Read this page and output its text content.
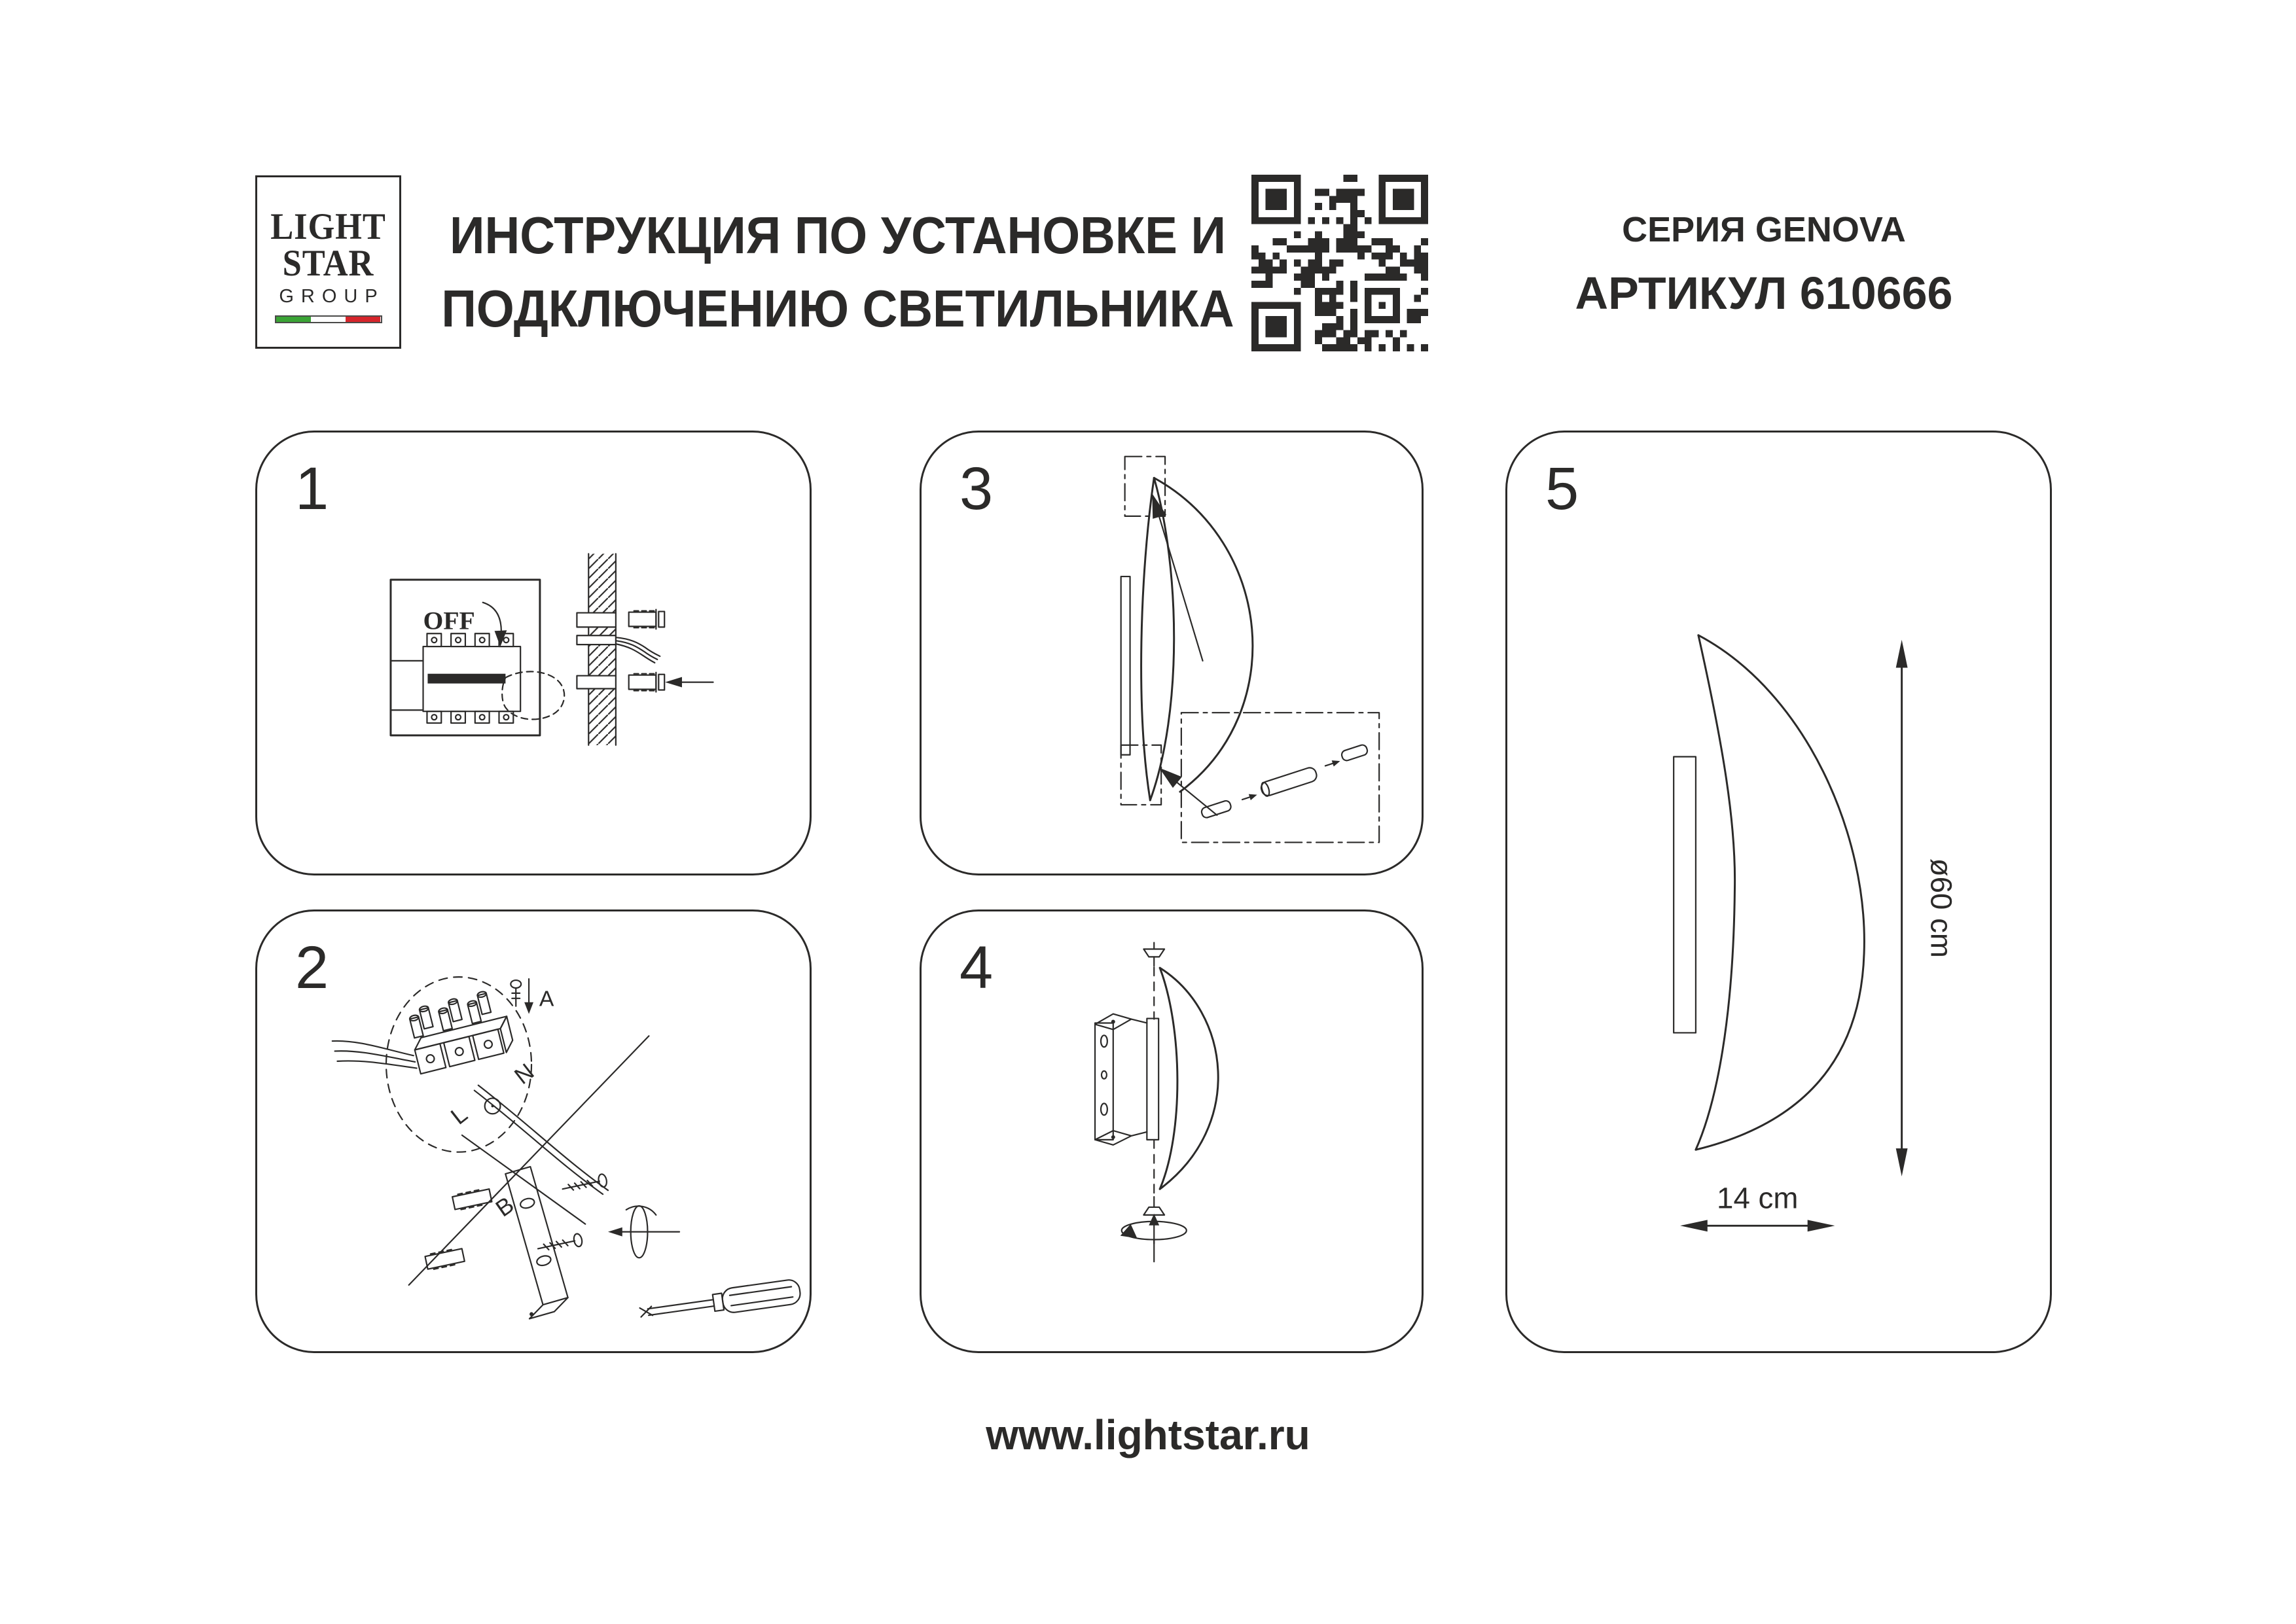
LIGHT
STAR
GROUP
ИНСТРУКЦИЯ ПО УСТАНОВКЕ И
ПОДКЛЮЧЕНИЮ СВЕТИЛЬНИКА
СЕРИЯ GENOVA
АРТИКУЛ 610666
1
OFF
2	A
L
N
B
3
4
5
ø60 cm
14 cm
www.lightstar.ru
